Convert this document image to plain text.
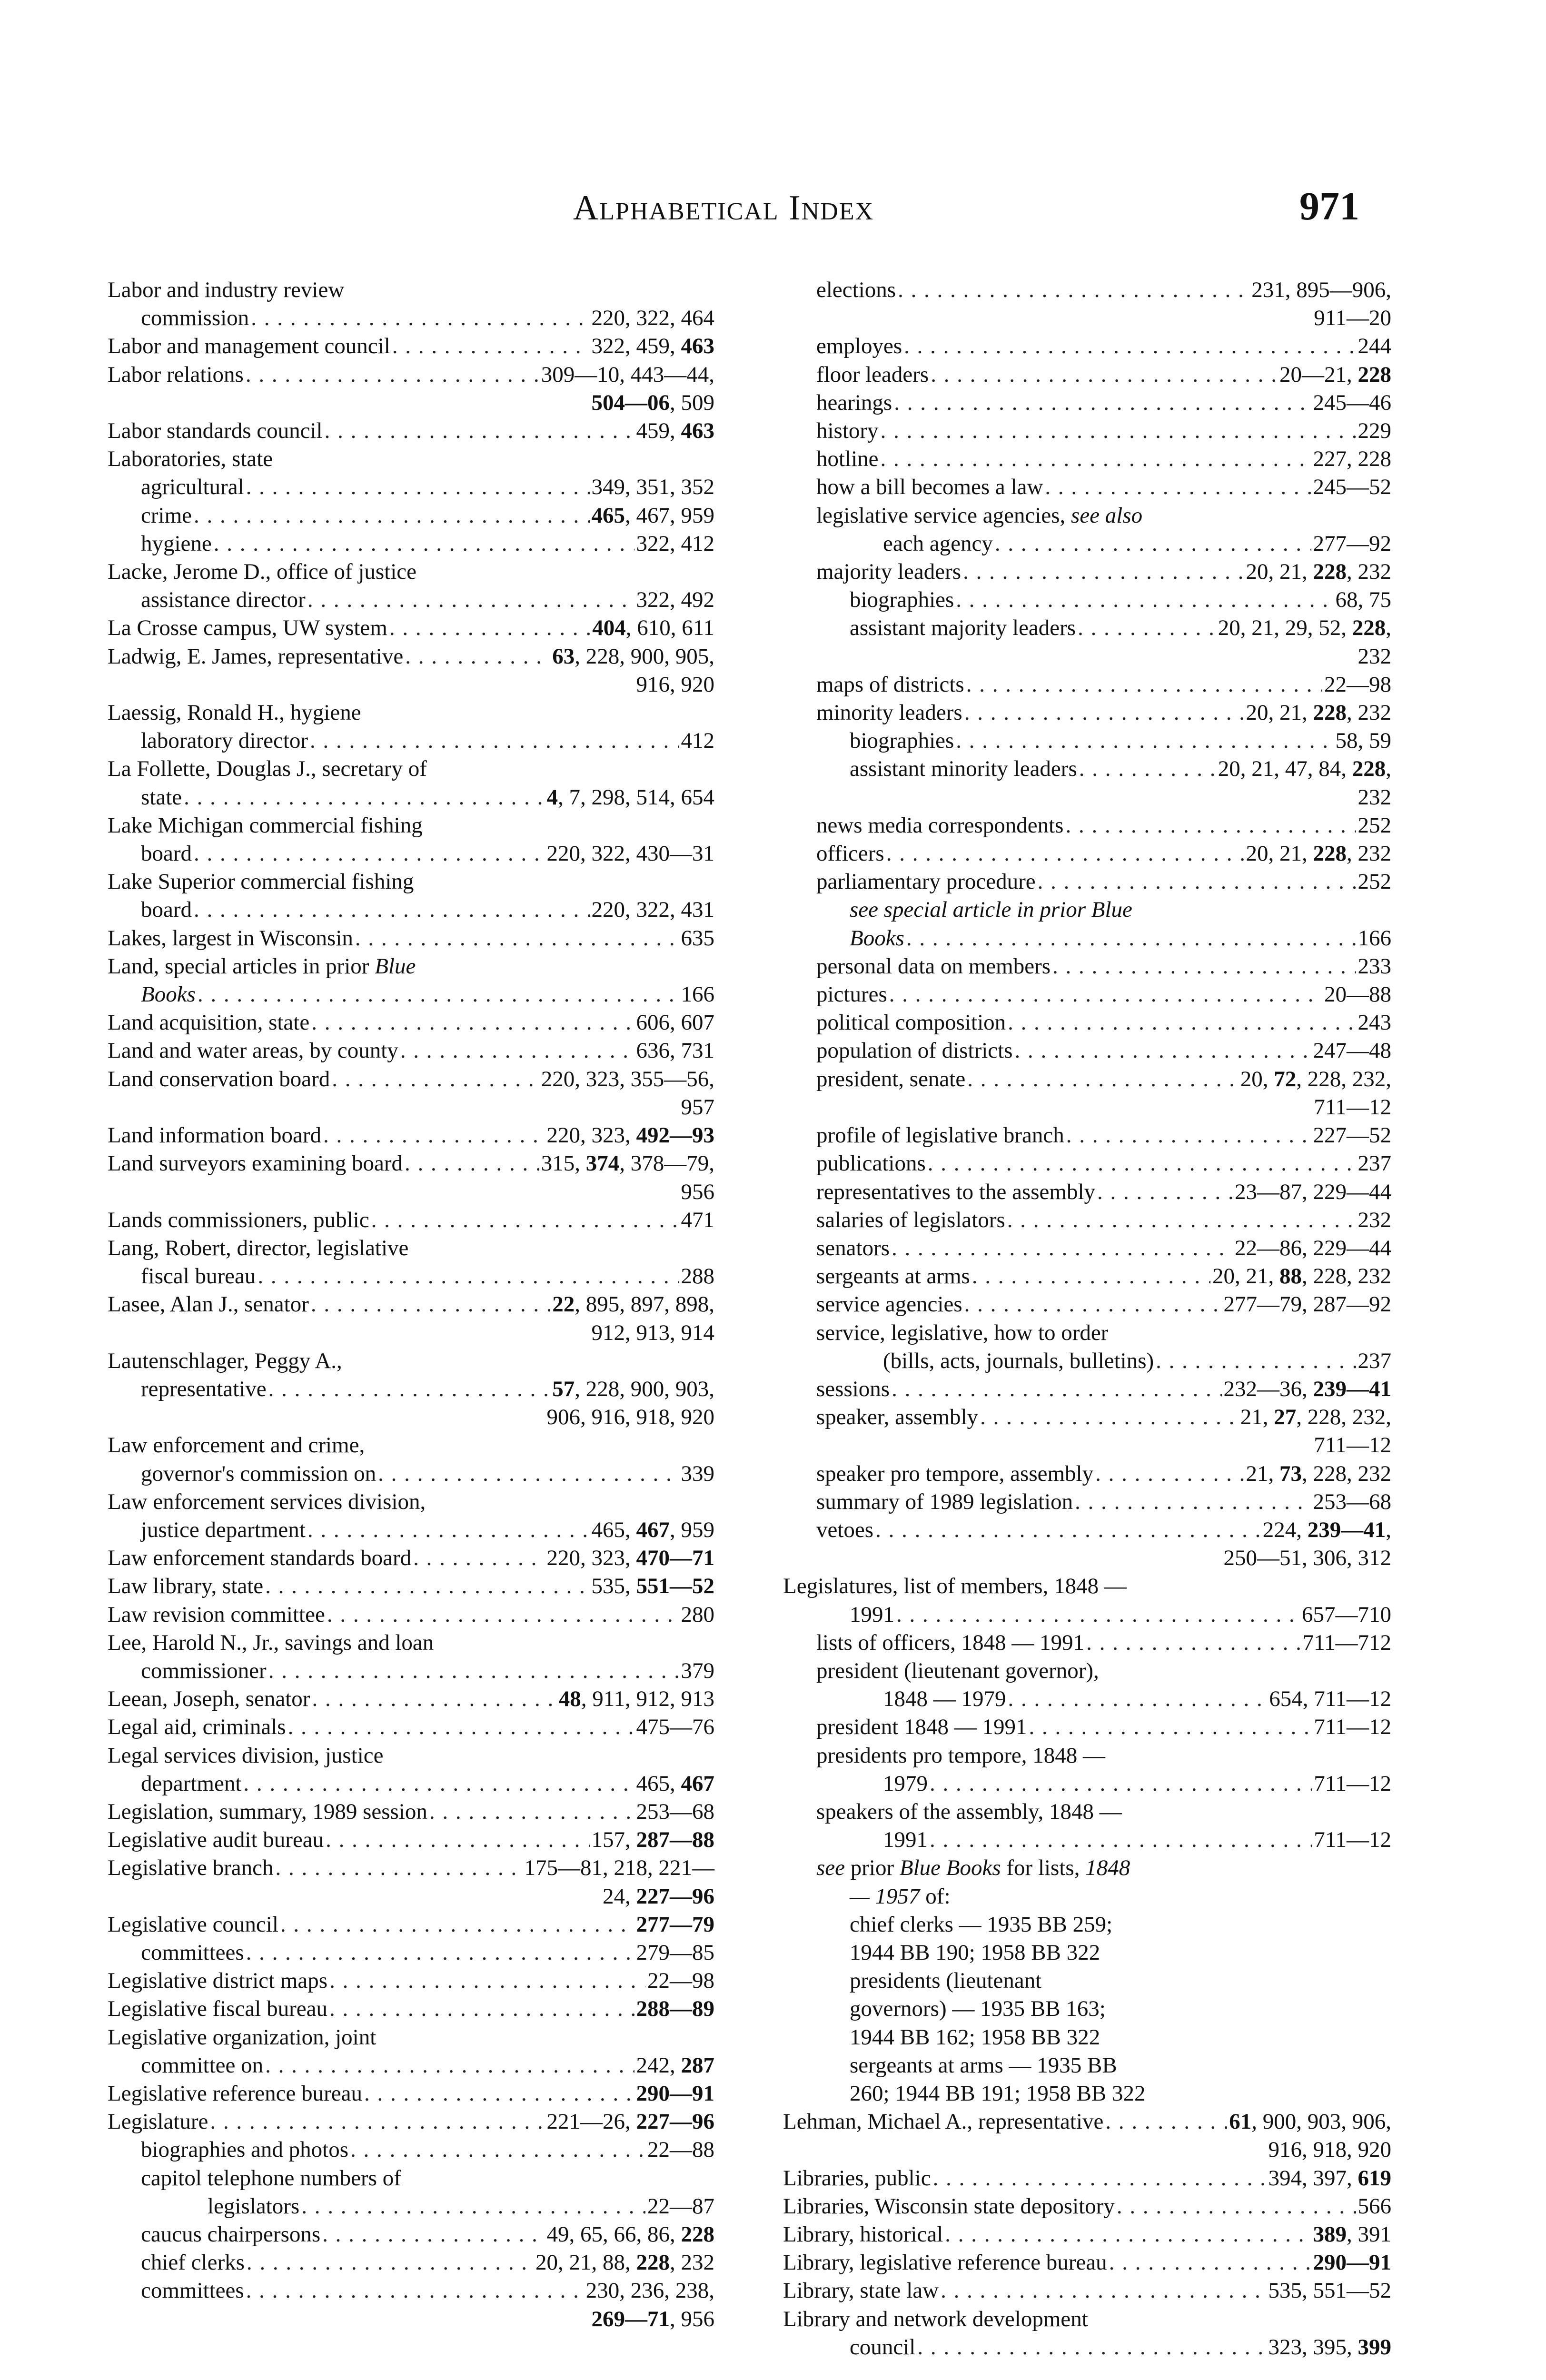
Alphabetical Index	971
Labor and industry review
commission . . .	220, 322, 464
Labor and management council . . .	322, 459, 463
Labor relations . . .	309—10, 443—44,
504—06, 509
Labor standards council . . .	459, 463
Laboratories, state
agricultural . . .	349, 351, 352
crime . . .	465, 467, 959
hygiene . . .	322, 412
Lacke, Jerome D., office of justice
assistance director . . .	322, 492
La Crosse campus, UW system . . .	404, 610, 611
Ladwig, E. James, representative . . .	63, 228, 900, 905,
916, 920
Laessig, Ronald H., hygiene
laboratory director . . .	412
La Follette, Douglas J., secretary of
state . . .	4, 7, 298, 514, 654
Lake Michigan commercial fishing
board . . .	220, 322, 430—31
Lake Superior commercial fishing
board . . .	220, 322, 431
Lakes, largest in Wisconsin . . .	635
Land, special articles in prior Blue
Books . . .	166
Land acquisition, state . . .	606, 607
Land and water areas, by county . . .	636, 731
Land conservation board . . .	220, 323, 355—56,
957
Land information board . . .	220, 323, 492—93
Land surveyors examining board . . .	315, 374, 378—79,
956
Lands commissioners, public . . .	471
Lang, Robert, director, legislative
fiscal bureau . . .	288
Lasee, Alan J., senator . . .	22, 895, 897, 898,
912, 913, 914
Lautenschlager, Peggy A.,
representative . . .	57, 228, 900, 903,
906, 916, 918, 920
Law enforcement and crime,
governor's commission on . . .	339
Law enforcement services division,
justice department . . .	465, 467, 959
Law enforcement standards board . . .	220, 323, 470—71
Law library, state . . .	535, 551—52
Law revision committee . . .	280
Lee, Harold N., Jr., savings and loan
commissioner . . .	379
Leean, Joseph, senator . . .	48, 911, 912, 913
Legal aid, criminals . . .	475—76
Legal services division, justice
department . . .	465, 467
Legislation, summary, 1989 session . . .	253—68
Legislative audit bureau . . .	157, 287—88
Legislative branch . . .	175—81, 218, 221—
24, 227—96
Legislative council . . .	277—79
committees . . .	279—85
Legislative district maps . . .	22—98
Legislative fiscal bureau . . .	288—89
Legislative organization, joint
committee on . . .	242, 287
Legislative reference bureau . . .	290—91
Legislature . . .	221—26, 227—96
biographies and photos . . .	22—88
capitol telephone numbers of
legislators . . .	22—87
caucus chairpersons . . .	49, 65, 66, 86, 228
chief clerks . . .	20, 21, 88, 228, 232
committees . . .	230, 236, 238,
269—71, 956
elections . . .	231, 895—906,
911—20
employes . . .	244
floor leaders . . .	20—21, 228
hearings . . .	245—46
history . . .	229
hotline . . .	227, 228
how a bill becomes a law . . .	245—52
legislative service agencies, see also
each agency . . .	277—92
majority leaders . . .	20, 21, 228, 232
biographies . . .	68, 75
assistant majority leaders . . .	20, 21, 29, 52, 228,
232
maps of districts . . .	22—98
minority leaders . . .	20, 21, 228, 232
biographies . . .	58, 59
assistant minority leaders . . .	20, 21, 47, 84, 228,
232
news media correspondents . . .	252
officers . . .	20, 21, 228, 232
parliamentary procedure . . .	252
see special article in prior Blue
Books . . .	166
personal data on members . . .	233
pictures . . .	20—88
political composition . . .	243
population of districts . . .	247—48
president, senate . . .	20, 72, 228, 232,
711—12
profile of legislative branch . . .	227—52
publications . . .	237
representatives to the assembly . . .	23—87, 229—44
salaries of legislators . . .	232
senators . . .	22—86, 229—44
sergeants at arms . . .	20, 21, 88, 228, 232
service agencies . . .	277—79, 287—92
service, legislative, how to order
(bills, acts, journals, bulletins) . . .	237
sessions . . .	232—36, 239—41
speaker, assembly . . .	21, 27, 228, 232,
711—12
speaker pro tempore, assembly . . .	21, 73, 228, 232
summary of 1989 legislation . . .	253—68
vetoes . . .	224, 239—41,
250—51, 306, 312
Legislatures, list of members, 1848 —
1991 . . .	657—710
lists of officers, 1848 — 1991 . . .	711—712
president (lieutenant governor),
1848 — 1979 . . .	654, 711—12
president 1848 — 1991 . . .	711—12
presidents pro tempore, 1848 —
1979 . . .	711—12
speakers of the assembly, 1848 —
1991 . . .	711—12
see prior Blue Books for lists, 1848
— 1957 of:
chief clerks — 1935 BB 259;
1944 BB 190; 1958 BB 322
presidents (lieutenant
governors) — 1935 BB 163;
1944 BB 162; 1958 BB 322
sergeants at arms — 1935 BB
260; 1944 BB 191; 1958 BB 322
Lehman, Michael A., representative . . .	61, 900, 903, 906,
916, 918, 920
Libraries, public . . .	394, 397, 619
Libraries, Wisconsin state depository . . .	566
Library, historical . . .	389, 391
Library, legislative reference bureau . . .	290—91
Library, state law . . .	535, 551—52
Library and network development
council . . .	323, 395, 399
